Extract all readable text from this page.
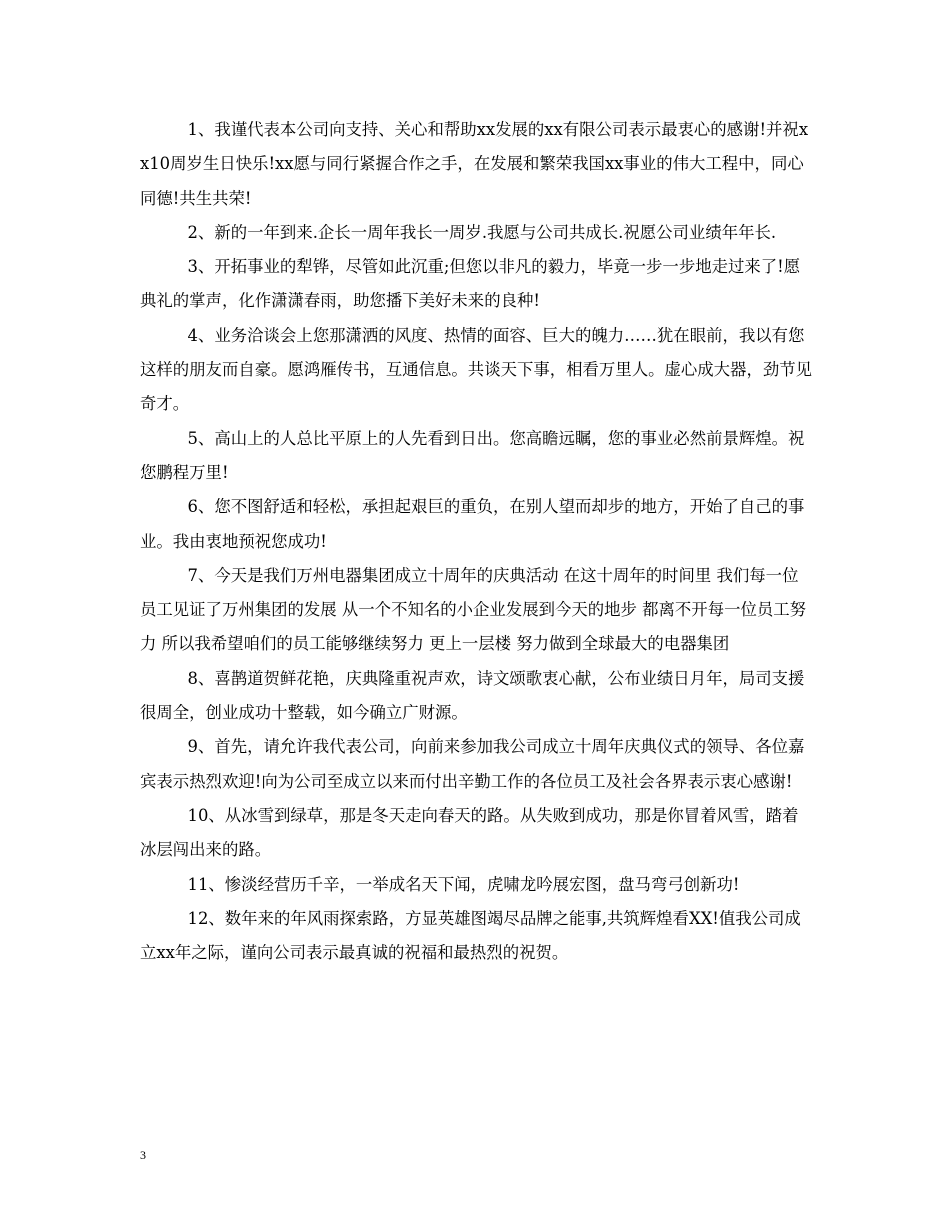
1、我谨代表本公司向支持、关心和帮助xx发展的xx有限公司表示最衷心的感谢!并祝xx10周岁生日快乐!xx愿与同行紧握合作之手，在发展和繁荣我国xx事业的伟大工程中，同心同德!共生共荣!

2、新的一年到来.企长一周年我长一周岁.我愿与公司共成长.祝愿公司业绩年年长.

3、开拓事业的犁铧，尽管如此沉重;但您以非凡的毅力，毕竟一步一步地走过来了!愿典礼的掌声，化作潇潇春雨，助您播下美好未来的良种!

4、业务洽谈会上您那潇洒的风度、热情的面容、巨大的魄力……犹在眼前，我以有您这样的朋友而自豪。愿鸿雁传书，互通信息。共谈天下事，相看万里人。虚心成大器，劲节见奇才。

5、高山上的人总比平原上的人先看到日出。您高瞻远瞩，您的事业必然前景辉煌。祝您鹏程万里!

6、您不图舒适和轻松，承担起艰巨的重负，在别人望而却步的地方，开始了自己的事业。我由衷地预祝您成功!

7、今天是我们万州电器集团成立十周年的庆典活动 在这十周年的时间里 我们每一位员工见证了万州集团的发展 从一个不知名的小企业发展到今天的地步 都离不开每一位员工努力 所以我希望咱们的员工能够继续努力 更上一层楼 努力做到全球最大的电器集团

8、喜鹊道贺鲜花艳，庆典隆重祝声欢，诗文颂歌衷心献，公布业绩日月年，局司支援很周全，创业成功十整载，如今确立广财源。

9、首先，请允许我代表公司，向前来参加我公司成立十周年庆典仪式的领导、各位嘉宾表示热烈欢迎!向为公司至成立以来而付出辛勤工作的各位员工及社会各界表示衷心感谢!

10、从冰雪到绿草，那是冬天走向春天的路。从失败到成功，那是你冒着风雪，踏着冰层闯出来的路。

11、惨淡经营历千辛，一举成名天下闻，虎啸龙吟展宏图，盘马弯弓创新功!

12、数年来的年风雨探索路，方显英雄图竭尽品牌之能事,共筑辉煌看XX!值我公司成立xx年之际，谨向公司表示最真诚的祝福和最热烈的祝贺。

3
